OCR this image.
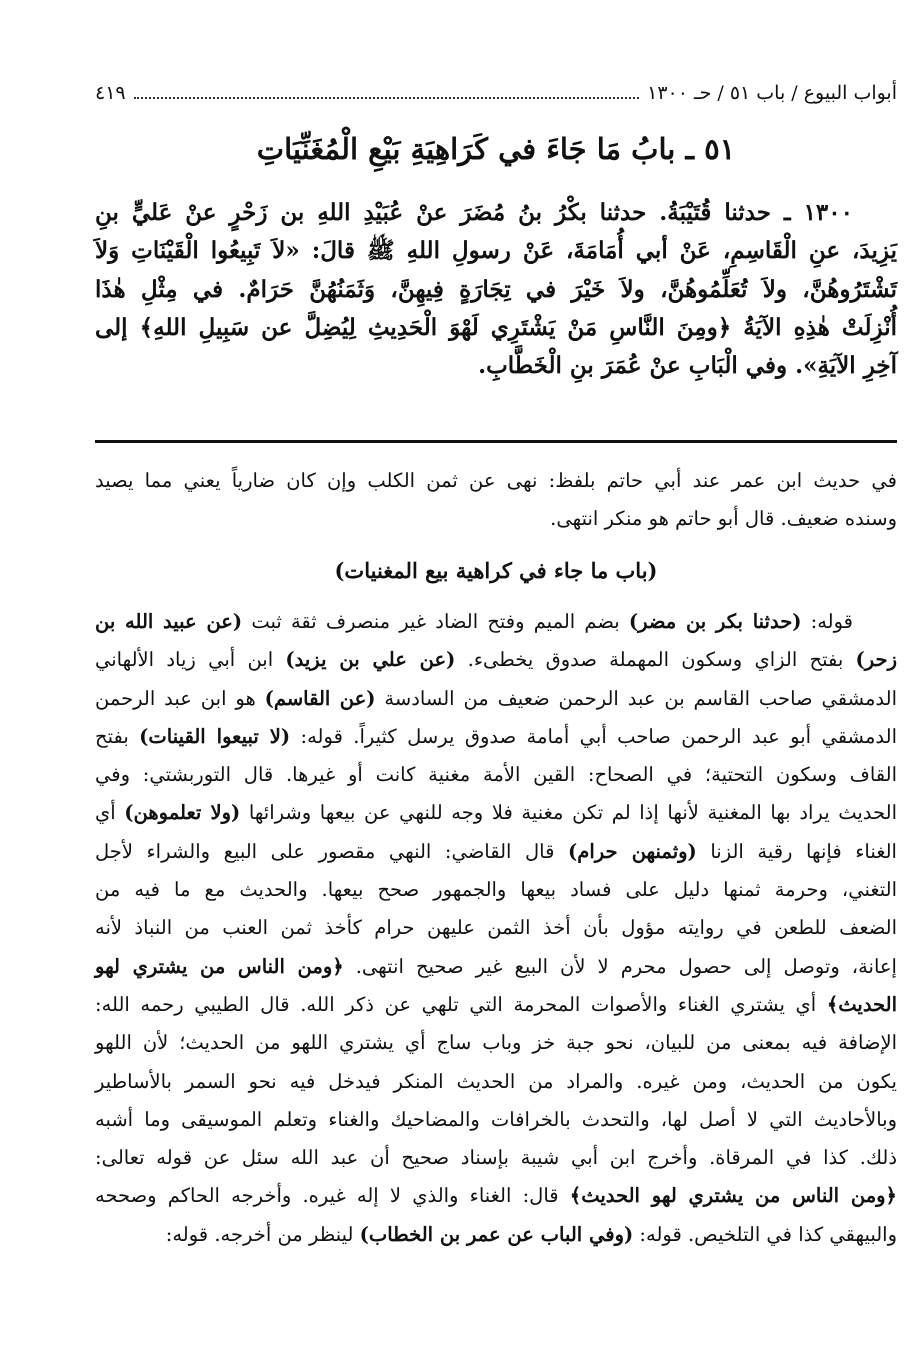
أبواب البيوع / باب ٥١ / حـ ١٣٠٠
٤١٩
٥١ ـ بابُ مَا جَاءَ في كَرَاهِيَةِ بَيْعِ الْمُغَنِّيَاتِ
١٣٠٠ ـ حدثنا قُتَيْبَةُ. حدثنا بكْرُ بنُ مُضَرَ عنْ عُبَيْدِ اللهِ بن زَحْرٍ عنْ عَليٍّ بنِ
يَزِيدَ، عنِ الْقَاسِمِ، عَنْ أبي أُمَامَةَ، عَنْ رسولِ اللهِ ﷺ قالَ: «لاَ تَبِيعُوا الْقَيْنَاتِ وَلاَ
تَشْتَرُوهُنَّ، ولاَ تُعَلِّمُوهُنَّ، ولاَ خَيْرَ في تِجَارَةٍ فِيهِنَّ، وَثَمَنُهُنَّ حَرَامٌ. في مِثْلِ هٰذَا
أُنْزِلَتْ هٰذِهِ الآيَةُ ﴿ومِنَ النَّاسِ مَنْ يَشْتَرِي لَهْوَ الْحَدِيثِ لِيُضِلَّ عن سَبِيلِ اللهِ﴾ إلى
آخِرِ الآيَةِ». وفي الْبَابِ عنْ عُمَرَ بنِ الْخَطَّابِ.
في حديث ابن عمر عند أبي حاتم بلفظ: نهى عن ثمن الكلب وإن كان ضارياً يعني مما يصيد
وسنده ضعيف. قال أبو حاتم هو منكر انتهى.
(باب ما جاء في كراهية بيع المغنيات)
قوله: (حدثنا بكر بن مضر) بضم الميم وفتح الضاد غير منصرف ثقة ثبت (عن عبيد الله بن
زحر) بفتح الزاي وسكون المهملة صدوق يخطىء. (عن علي بن يزيد) ابن أبي زياد الألهاني
الدمشقي صاحب القاسم بن عبد الرحمن ضعيف من السادسة (عن القاسم) هو ابن عبد الرحمن
الدمشقي أبو عبد الرحمن صاحب أبي أمامة صدوق يرسل كثيراً. قوله: (لا تبيعوا القينات) بفتح
القاف وسكون التحتية؛ في الصحاح: القين الأمة مغنية كانت أو غيرها. قال التوربشتي: وفي
الحديث يراد بها المغنية لأنها إذا لم تكن مغنية فلا وجه للنهي عن بيعها وشرائها (ولا تعلموهن) أي
الغناء فإنها رقية الزنا (وثمنهن حرام) قال القاضي: النهي مقصور على البيع والشراء لأجل
التغني، وحرمة ثمنها دليل على فساد بيعها والجمهور صحح بيعها. والحديث مع ما فيه من
الضعف للطعن في روايته مؤول بأن أخذ الثمن عليهن حرام كأخذ ثمن العنب من النباذ لأنه
إعانة، وتوصل إلى حصول محرم لا لأن البيع غير صحيح انتهى. ﴿ومن الناس من يشتري لهو
الحديث﴾ أي يشتري الغناء والأصوات المحرمة التي تلهي عن ذكر الله. قال الطيبي رحمه الله:
الإضافة فيه بمعنى من للبيان، نحو جبة خز وباب ساج أي يشتري اللهو من الحديث؛ لأن اللهو
يكون من الحديث، ومن غيره. والمراد من الحديث المنكر فيدخل فيه نحو السمر بالأساطير
وبالأحاديث التي لا أصل لها، والتحدث بالخرافات والمضاحيك والغناء وتعلم الموسيقى وما أشبه
ذلك. كذا في المرقاة. وأخرج ابن أبي شيبة بإسناد صحيح أن عبد الله سئل عن قوله تعالى:
﴿ومن الناس من يشتري لهو الحديث﴾ قال: الغناء والذي لا إله غيره. وأخرجه الحاكم وصححه
والبيهقي كذا في التلخيص. قوله: (وفي الباب عن عمر بن الخطاب) لينظر من أخرجه. قوله:
